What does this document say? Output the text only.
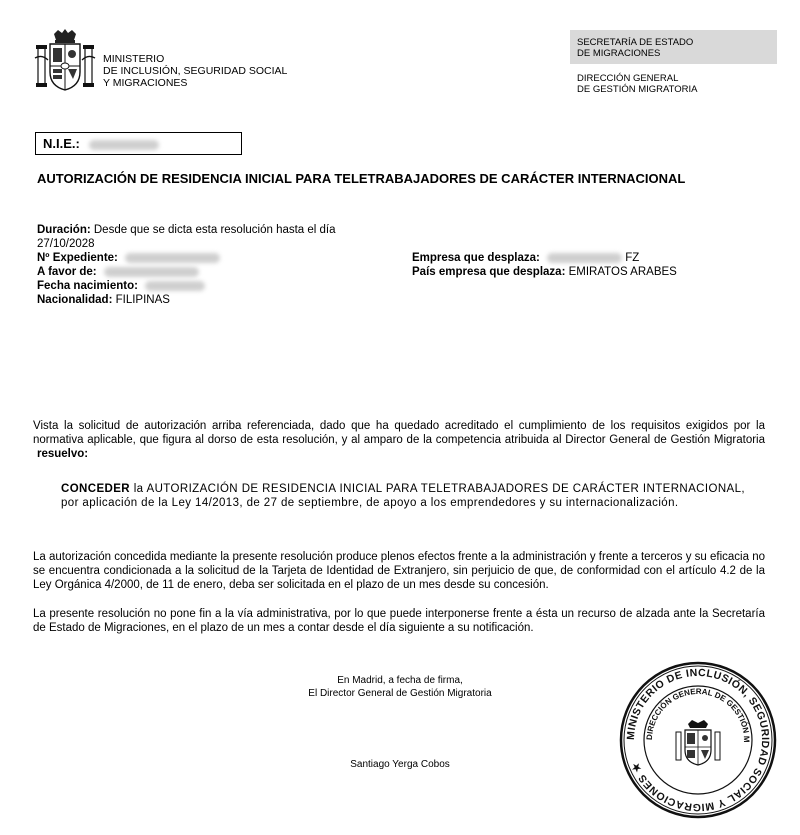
MINISTERIO
DE INCLUSIÓN, SEGURIDAD SOCIAL
Y MIGRACIONES
SECRETARÍA DE ESTADO
DE MIGRACIONES
DIRECCIÓN GENERAL
DE GESTIÓN MIGRATORIA
N.I.E.:
AUTORIZACIÓN DE RESIDENCIA INICIAL PARA TELETRABAJADORES DE CARÁCTER INTERNACIONAL
Duración: Desde que se dicta esta resolución hasta el día
27/10/2028
Nº Expediente:
A favor de:
Fecha nacimiento:
Nacionalidad: FILIPINAS
Empresa que desplaza:	FZ
País empresa que desplaza: EMIRATOS ARABES
Vista la solicitud de autorización arriba referenciada, dado que ha quedado acreditado el cumplimiento de los requisitos exigidos por la normativa aplicable, que figura al dorso de esta resolución, y al amparo de la competencia atribuida al Director General de Gestión Migratoria resuelvo:
CONCEDER la AUTORIZACIÓN DE RESIDENCIA INICIAL PARA TELETRABAJADORES DE CARÁCTER INTERNACIONAL, por aplicación de la Ley 14/2013, de 27 de septiembre, de apoyo a los emprendedores y su internacionalización.
La autorización concedida mediante la presente resolución produce plenos efectos frente a la administración y frente a terceros y su eficacia no se encuentra condicionada a la solicitud de la Tarjeta de Identidad de Extranjero, sin perjuicio de que, de conformidad con el artículo 4.2 de la Ley Orgánica 4/2000, de 11 de enero, deba ser solicitada en el plazo de un mes desde su concesión.
La presente resolución no pone fin a la vía administrativa, por lo que puede interponerse frente a ésta un recurso de alzada ante la Secretaría de Estado de Migraciones, en el plazo de un mes a contar desde el día siguiente a su notificación.
En Madrid, a fecha de firma,
El Director General de Gestión Migratoria
Santiago Yerga Cobos
MINISTERIO DE INCLUSIÓN, SEGURIDAD SOCIAL Y MIGRACIONES ★
DIRECCIÓN GENERAL DE GESTIÓN M
